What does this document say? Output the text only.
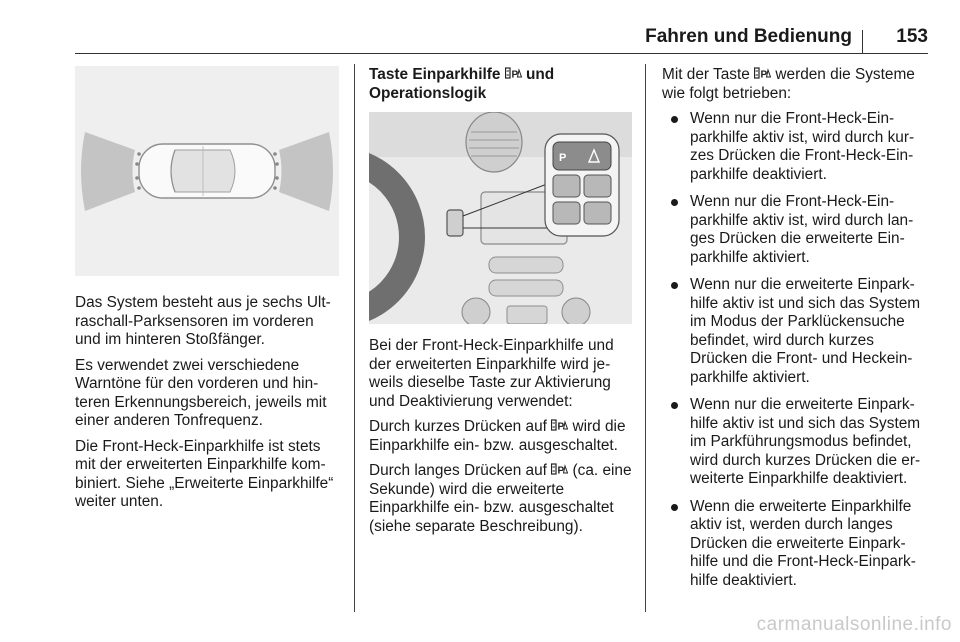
Fahren und Bedienung	153

Das System besteht aus je sechs Ultraschall-Parksensoren im vorderen und im hinteren Stoßfänger.

Es verwendet zwei verschiedene Warntöne für den vorderen und hinteren Erkennungsbereich, jeweils mit einer anderen Tonfrequenz.

Die Front-Heck-Einparkhilfe ist stets mit der erweiterten Einparkhilfe kombiniert. Siehe „Erweiterte Einparkhilfe“ weiter unten.

Taste Einparkhilfe P und Operationslogik
P

Bei der Front-Heck-Einparkhilfe und der erweiterten Einparkhilfe wird jeweils dieselbe Taste zur Aktivierung und Deaktivierung verwendet:

Durch kurzes Drücken auf P wird die Einparkhilfe ein- bzw. ausgeschaltet.

Durch langes Drücken auf P (ca. eine Sekunde) wird die erweiterte Einparkhilfe ein- bzw. ausgeschaltet (siehe separate Beschreibung).

Mit der Taste P werden die Systeme wie folgt betrieben:

Wenn nur die Front-Heck-Einparkhilfe aktiv ist, wird durch kurzes Drücken die Front-Heck-Einparkhilfe deaktiviert.
Wenn nur die Front-Heck-Einparkhilfe aktiv ist, wird durch langes Drücken die erweiterte Einparkhilfe aktiviert.
Wenn nur die erweiterte Einparkhilfe aktiv ist und sich das System im Modus der Parklückensuche befindet, wird durch kurzes Drücken die Front- und Heckeinparkhilfe aktiviert.
Wenn nur die erweiterte Einparkhilfe aktiv ist und sich das System im Parkführungsmodus befindet, wird durch kurzes Drücken die erweiterte Einparkhilfe deaktiviert.
Wenn die erweiterte Einparkhilfe aktiv ist, werden durch langes Drücken die erweiterte Einparkhilfe und die Front-Heck-Einparkhilfe deaktiviert.
carmanualsonline.info
